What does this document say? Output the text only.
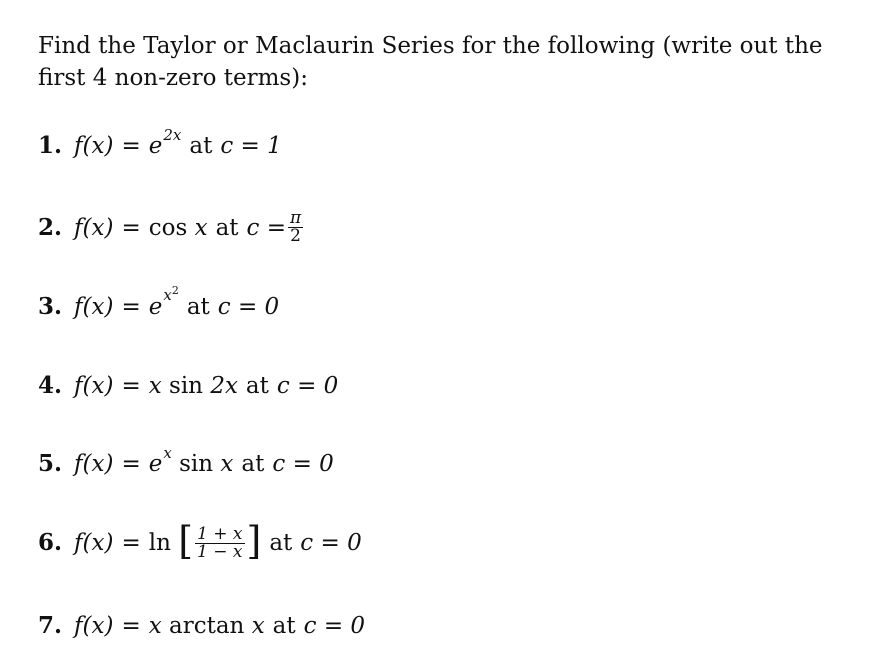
Find the Taylor or Maclaurin Series for the following (write out the first 4 non-zero terms):
1. f(x) = e 2x at c = 1
2. f(x) = cos
x at $c = \frac{\pi}{2}$
3. f(x) = e $x^2$
at c = 0
4. f(x) = x
sin
2x at c = 0
5. f(x) = e x
sin
x at c = 0
6. f(x) = ln
[ $\frac{1 + x}{1 - x}$ ] at c = 0
7. f(x) = x
arctan
x at c = 0
